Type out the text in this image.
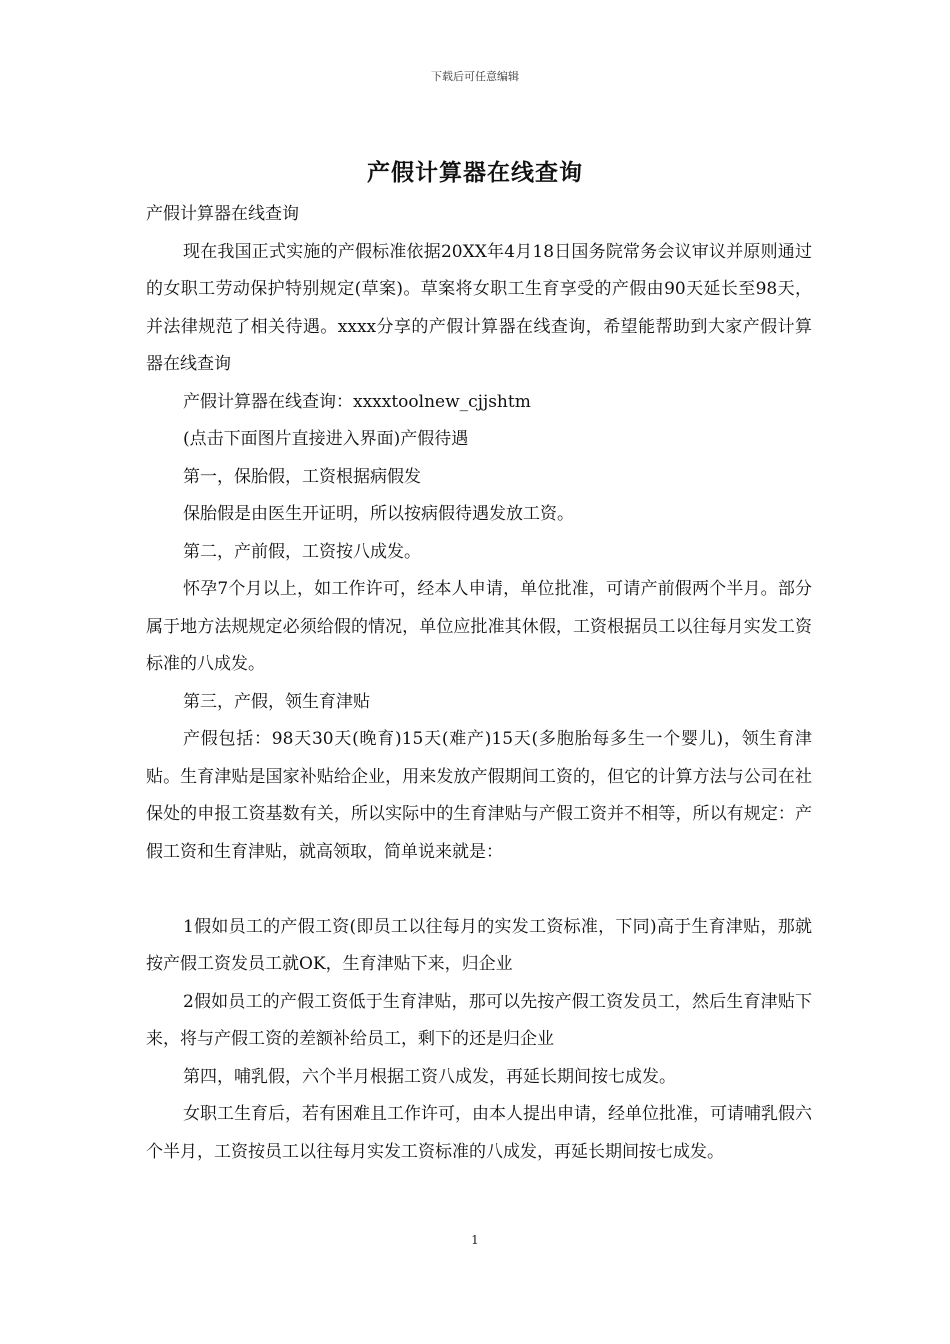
下载后可任意编辑
产假计算器在线查询

产假计算器在线查询

现在我国正式实施的产假标准依据20XX年4月18日国务院常务会议审议并原则通过的女职工劳动保护特别规定(草案)。草案将女职工生育享受的产假由90天延长至98天，并法律规范了相关待遇。xxxx分享的产假计算器在线查询，希望能帮助到大家产假计算器在线查询

产假计算器在线查询：xxxxtoolnew_cjjshtm

(点击下面图片直接进入界面)产假待遇

第一，保胎假，工资根据病假发

保胎假是由医生开证明，所以按病假待遇发放工资。

第二，产前假，工资按八成发。

怀孕7个月以上，如工作许可，经本人申请，单位批准，可请产前假两个半月。部分属于地方法规规定必须给假的情况，单位应批准其休假，工资根据员工以往每月实发工资标准的八成发。

第三，产假，领生育津贴

产假包括：98天30天(晚育)15天(难产)15天(多胞胎每多生一个婴儿)，领生育津贴。生育津贴是国家补贴给企业，用来发放产假期间工资的，但它的计算方法与公司在社保处的申报工资基数有关，所以实际中的生育津贴与产假工资并不相等，所以有规定：产假工资和生育津贴，就高领取，简单说来就是：

1假如员工的产假工资(即员工以往每月的实发工资标准，下同)高于生育津贴，那就按产假工资发员工就OK，生育津贴下来，归企业

2假如员工的产假工资低于生育津贴，那可以先按产假工资发员工，然后生育津贴下来，将与产假工资的差额补给员工，剩下的还是归企业

第四，哺乳假，六个半月根据工资八成发，再延长期间按七成发。

女职工生育后，若有困难且工作许可，由本人提出申请，经单位批准，可请哺乳假六个半月，工资按员工以往每月实发工资标准的八成发，再延长期间按七成发。

1
